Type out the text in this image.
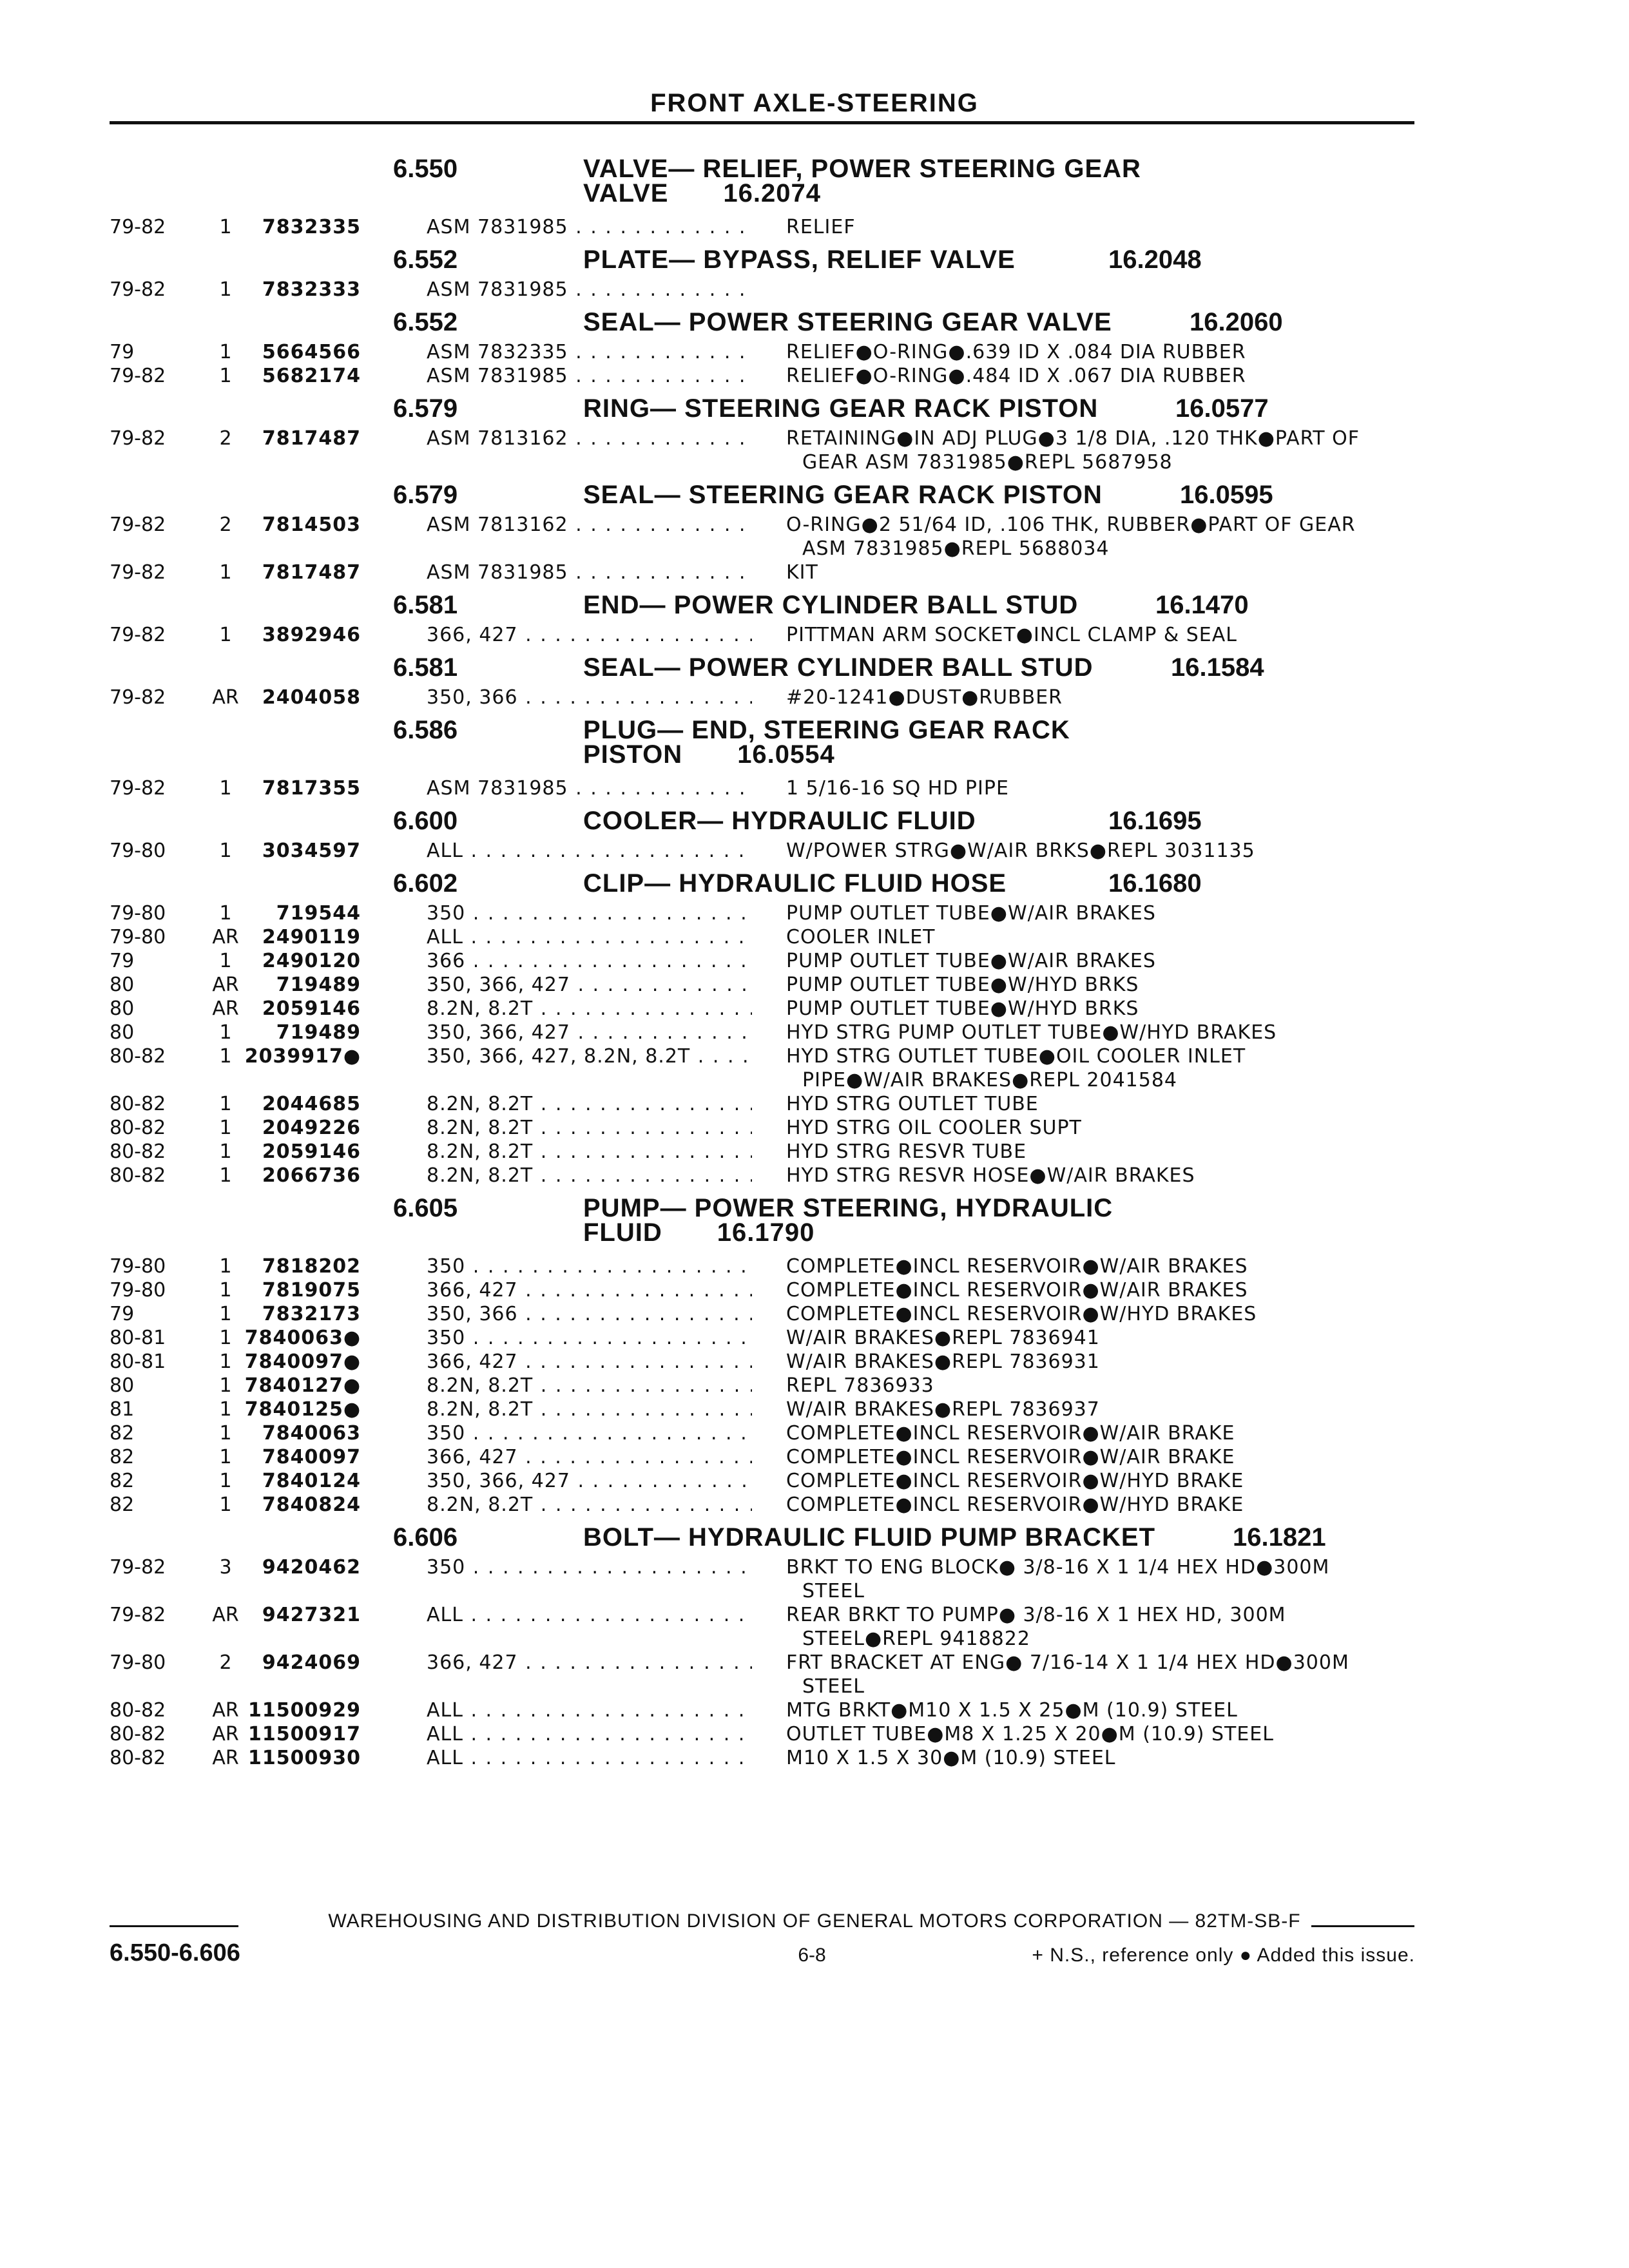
FRONT AXLE-STEERING
6.550	VALVE— RELIEF, POWER STEERING GEAR
VALVE 16.2074
79-82	1	7832335	ASM 7831985 . . .	RELIEF
6.552	PLATE— BYPASS, RELIEF VALVE	16.2048
79-82	1	7832333	ASM 7831985 . . .
6.552	SEAL— POWER STEERING GEAR VALVE	16.2060
79	1	5664566	ASM 7832335 . . .	RELIEF●O-RING●.639 ID X .084 DIA RUBBER
79-82	1	5682174	ASM 7831985 . . .	RELIEF●O-RING●.484 ID X .067 DIA RUBBER
6.579	RING— STEERING GEAR RACK PISTON	16.0577
79-82	2	7817487	ASM 7813162 . . .	RETAINING●IN ADJ PLUG●3 1/8 DIA, .120 THK●PART OF
GEAR ASM 7831985●REPL 5687958
6.579	SEAL— STEERING GEAR RACK PISTON	16.0595
79-82	2	7814503	ASM 7813162 . . .	O-RING●2 51/64 ID, .106 THK, RUBBER●PART OF GEAR
ASM 7831985●REPL 5688034
79-82	1	7817487	ASM 7831985 . . .	KIT
6.581	END— POWER CYLINDER BALL STUD	16.1470
79-82	1	3892946	366, 427 . . .	PITTMAN ARM SOCKET●INCL CLAMP & SEAL
6.581	SEAL— POWER CYLINDER BALL STUD	16.1584
79-82	AR	2404058	350, 366 . . .	#20-1241●DUST●RUBBER
6.586	PLUG— END, STEERING GEAR RACK
PISTON 16.0554
79-82	1	7817355	ASM 7831985 . . .	1 5/16-16 SQ HD PIPE
6.600	COOLER— HYDRAULIC FLUID	16.1695
79-80	1	3034597	ALL . . .	W/POWER STRG●W/AIR BRKS●REPL 3031135
6.602	CLIP— HYDRAULIC FLUID HOSE	16.1680
79-80	1	719544	350 . . .	PUMP OUTLET TUBE●W/AIR BRAKES
79-80	AR	2490119	ALL . . .	COOLER INLET
79	1	2490120	366 . . .	PUMP OUTLET TUBE●W/AIR BRAKES
80	AR	719489	350, 366, 427 . . .	PUMP OUTLET TUBE●W/HYD BRKS
80	AR	2059146	8.2N, 8.2T . . .	PUMP OUTLET TUBE●W/HYD BRKS
80	1	719489	350, 366, 427 . . .	HYD STRG PUMP OUTLET TUBE●W/HYD BRAKES
80-82	1 2039917●	350, 366, 427, 8.2N, 8.2T . . .	HYD STRG OUTLET TUBE●OIL COOLER INLET
PIPE●W/AIR BRAKES●REPL 2041584
80-82	1	2044685	8.2N, 8.2T . . .	HYD STRG OUTLET TUBE
80-82	1	2049226	8.2N, 8.2T . . .	HYD STRG OIL COOLER SUPT
80-82	1	2059146	8.2N, 8.2T . . .	HYD STRG RESVR TUBE
80-82	1	2066736	8.2N, 8.2T . . .	HYD STRG RESVR HOSE●W/AIR BRAKES
6.605	PUMP— POWER STEERING, HYDRAULIC
FLUID 16.1790
79-80	1	7818202	350 . . .	COMPLETE●INCL RESERVOIR●W/AIR BRAKES
79-80	1	7819075	366, 427 . . .	COMPLETE●INCL RESERVOIR●W/AIR BRAKES
79	1	7832173	350, 366 . . .	COMPLETE●INCL RESERVOIR●W/HYD BRAKES
80-81	1 7840063●	350 . . .	W/AIR BRAKES●REPL 7836941
80-81	1 7840097●	366, 427 . . .	W/AIR BRAKES●REPL 7836931
80	1 7840127●	8.2N, 8.2T . . .	REPL 7836933
81	1 7840125●	8.2N, 8.2T . . .	W/AIR BRAKES●REPL 7836937
82	1	7840063	350 . . .	COMPLETE●INCL RESERVOIR●W/AIR BRAKE
82	1	7840097	366, 427 . . .	COMPLETE●INCL RESERVOIR●W/AIR BRAKE
82	1	7840124	350, 366, 427 . . .	COMPLETE●INCL RESERVOIR●W/HYD BRAKE
82	1	7840824	8.2N, 8.2T . . .	COMPLETE●INCL RESERVOIR●W/HYD BRAKE
6.606	BOLT— HYDRAULIC FLUID PUMP BRACKET	16.1821
79-82	3	9420462	350 . . .	BRKT TO ENG BLOCK● 3/8-16 X 1 1/4 HEX HD●300M
STEEL
79-82	AR	9427321	ALL . . .	REAR BRKT TO PUMP● 3/8-16 X 1 HEX HD, 300M
STEEL●REPL 9418822
79-80	2	9424069	366, 427 . . .	FRT BRACKET AT ENG● 7/16-14 X 1 1/4 HEX HD●300M
STEEL
80-82	AR 11500929	ALL . . .	MTG BRKT●M10 X 1.5 X 25●M (10.9) STEEL
80-82	AR 11500917	ALL . . .	OUTLET TUBE●M8 X 1.25 X 20●M (10.9) STEEL
80-82	AR 11500930	ALL . . .	M10 X 1.5 X 30●M (10.9) STEEL
WAREHOUSING AND DISTRIBUTION DIVISION OF GENERAL MOTORS CORPORATION — 82TM-SB-F
6.550-6.606	6-8	+ N.S., reference only ● Added this issue.
